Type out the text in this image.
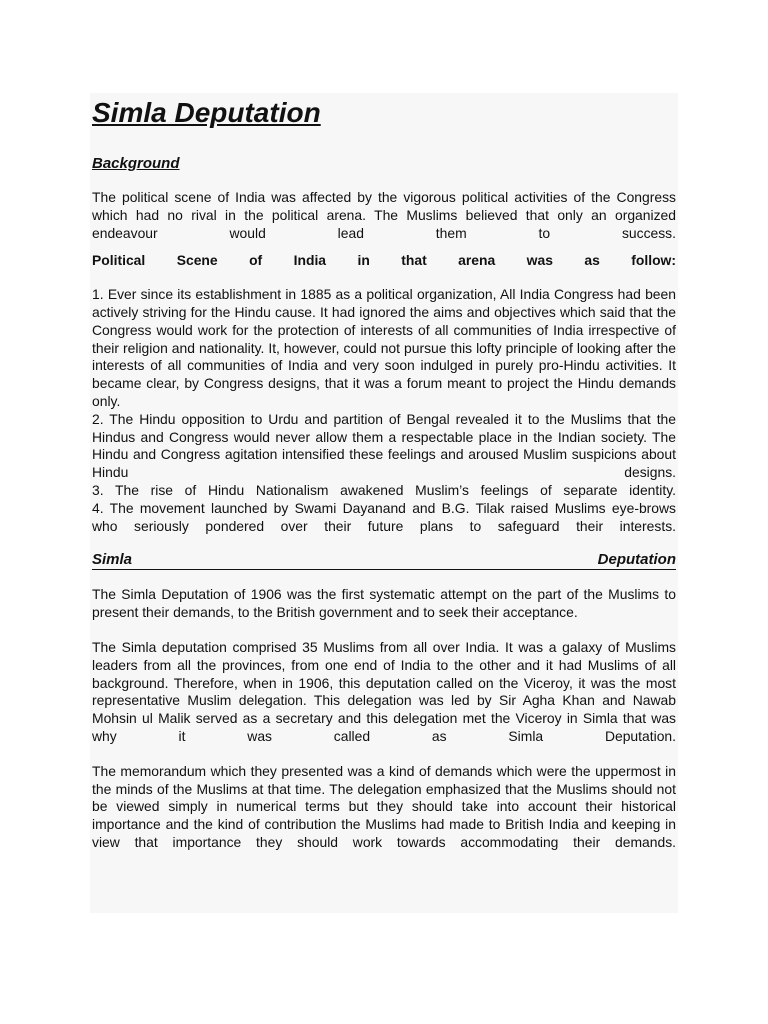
Simla Deputation
Background

The political scene of India was affected by the vigorous political activities of the Congress which had no rival in the political arena. The Muslims believed that only an organized endeavour would lead them to success.

Political Scene of India in that arena was as follow:

1. Ever since its establishment in 1885 as a political organization, All India Congress had been actively striving for the Hindu cause. It had ignored the aims and objectives which said that the Congress would work for the protection of interests of all communities of India irrespective of their religion and nationality. It, however, could not pursue this lofty principle of looking after the interests of all communities of India and very soon indulged in purely pro-Hindu activities. It became clear, by Congress designs, that it was a forum meant to project the Hindu demands only.
2. The Hindu opposition to Urdu and partition of Bengal revealed it to the Muslims that the Hindus and Congress would never allow them a respectable place in the Indian society. The Hindu and Congress agitation intensified these feelings and aroused Muslim suspicions about Hindu designs.
3. The rise of Hindu Nationalism awakened Muslim’s feelings of separate identity.
4. The movement launched by Swami Dayanand and B.G. Tilak raised Muslims eye-brows who seriously pondered over their future plans to safeguard their interests.
Simla	Deputation

The Simla Deputation of 1906 was the first systematic attempt on the part of the Muslims to present their demands, to the British government and to seek their acceptance.

The Simla deputation comprised 35 Muslims from all over India. It was a galaxy of Muslims leaders from all the provinces, from one end of India to the other and it had Muslims of all background. Therefore, when in 1906, this deputation called on the Viceroy, it was the most representative Muslim delegation. This delegation was led by Sir Agha Khan and Nawab Mohsin ul Malik served as a secretary and this delegation met the Viceroy in Simla that was why it was called as Simla Deputation.

The memorandum which they presented was a kind of demands which were the uppermost in the minds of the Muslims at that time. The delegation emphasized that the Muslims should not be viewed simply in numerical terms but they should take into account their historical importance and the kind of contribution the Muslims had made to British India and keeping in view that importance they should work towards accommodating their demands.
